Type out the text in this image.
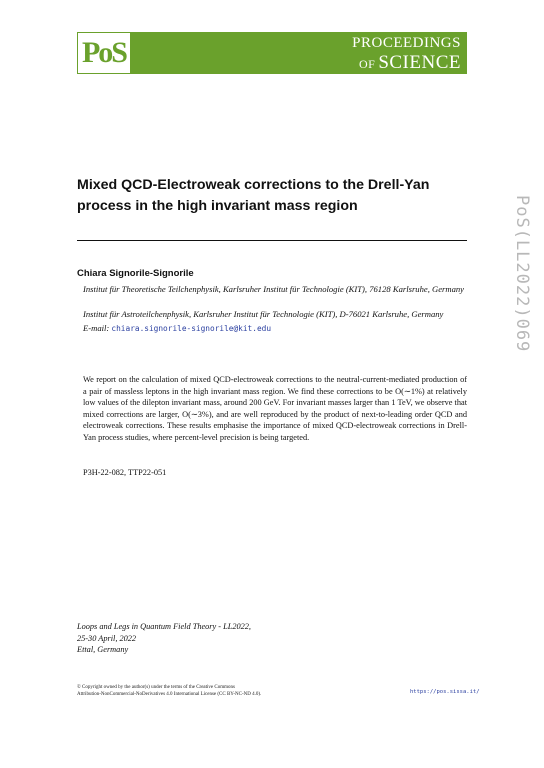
PoS	PROCEEDINGS
OF SCIENCE
PoS(LL2022)069
Mixed QCD-Electroweak corrections to the Drell-Yan process in the high invariant mass region
Chiara Signorile-Signorile
Institut für Theoretische Teilchenphysik, Karlsruher Institut für Technologie (KIT), 76128 Karlsruhe, Germany
Institut für Astroteilchenphysik, Karlsruher Institut für Technologie (KIT), D-76021 Karlsruhe, Germany
E-mail: chiara.signorile-signorile@kit.edu
We report on the calculation of mixed QCD-electroweak corrections to the neutral-current-mediated production of a pair of massless leptons in the high invariant mass region. We find these corrections to be O(∼1%) at relatively low values of the dilepton invariant mass, around 200 GeV. For invariant masses larger than 1 TeV, we observe that mixed corrections are larger, O(∼3%), and are well reproduced by the product of next-to-leading order QCD and electroweak corrections. These results emphasise the importance of mixed QCD-electroweak corrections in Drell-Yan process studies, where percent-level precision is being targeted.
P3H-22-082, TTP22-051
Loops and Legs in Quantum Field Theory - LL2022,
25-30 April, 2022
Ettal, Germany
© Copyright owned by the author(s) under the terms of the Creative Commons
Attribution-NonCommercial-NoDerivatives 4.0 International License (CC BY-NC-ND 4.0).	https://pos.sissa.it/
